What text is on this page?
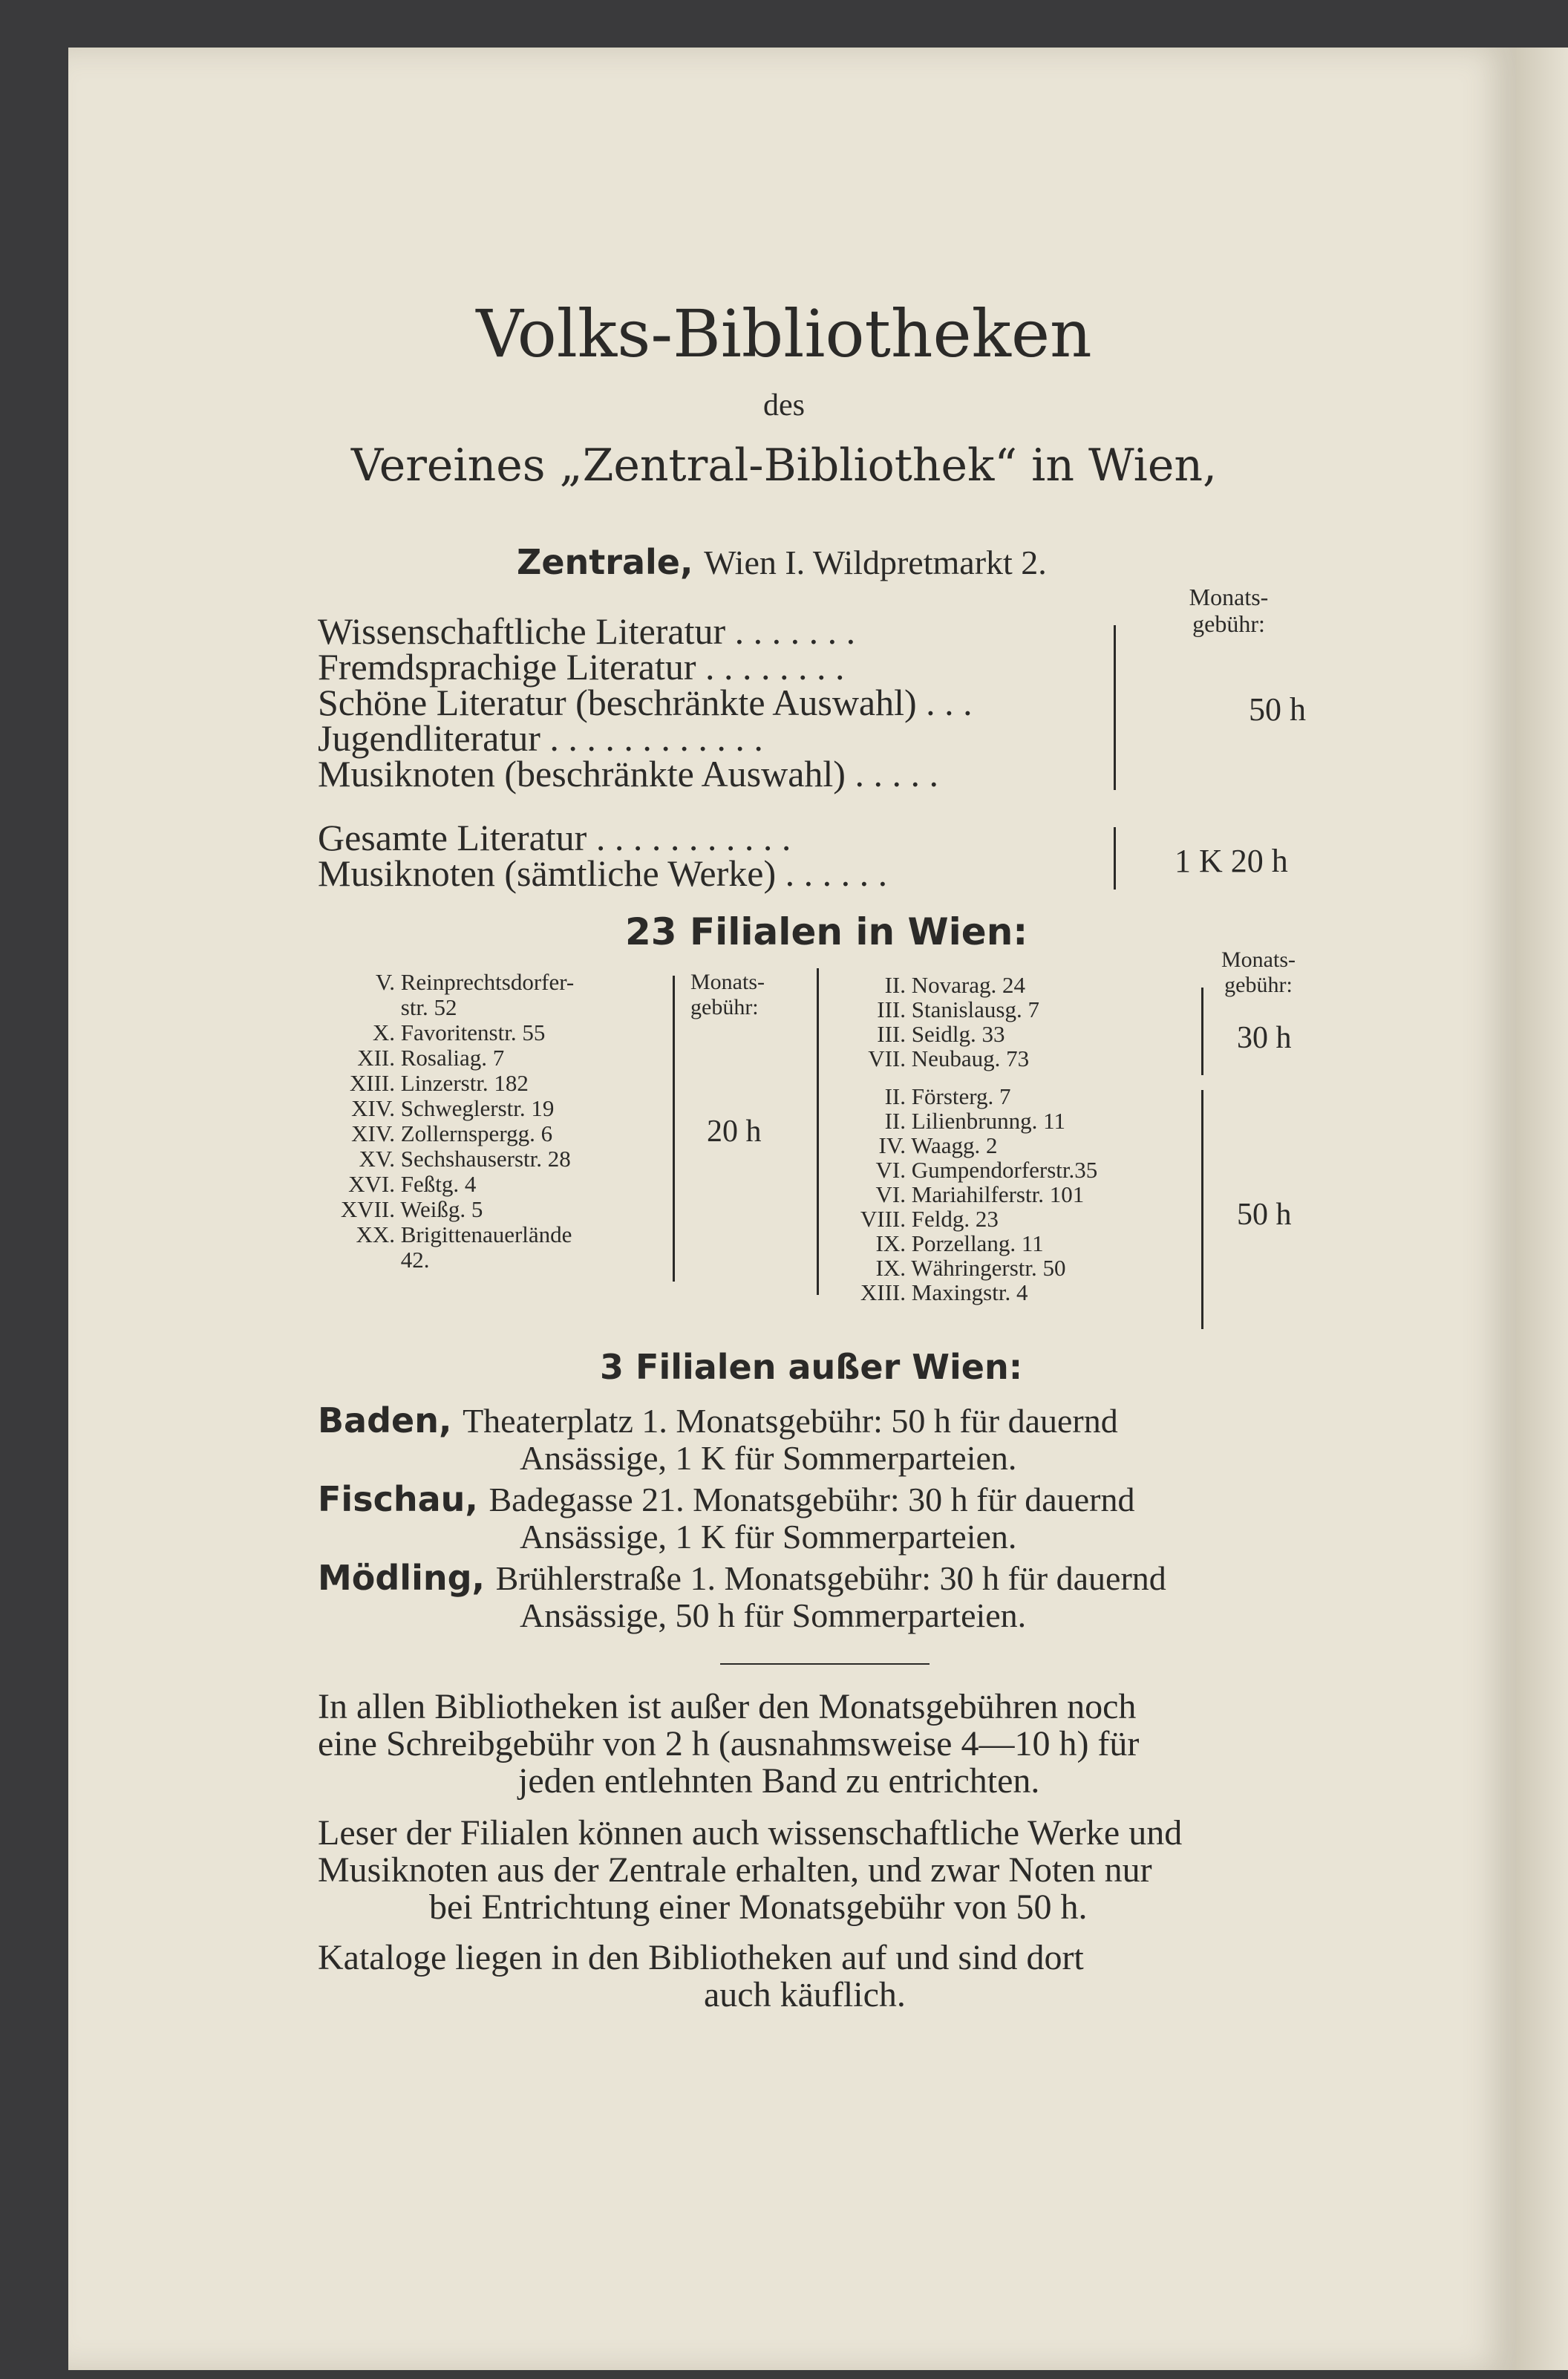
Volks-Bibliotheken
des
Vereines „Zentral-Bibliothek“ in Wien,
Zentrale, Wien I. Wildpretmarkt 2.
Monats-
gebühr:
Wissenschaftliche Literatur . . . . . . .
Fremdsprachige Literatur . . . . . . . .
Schöne Literatur (beschränkte Auswahl) . . .
Jugendliteratur . . . . . . . . . . . .
Musiknoten (beschränkte Auswahl) . . . . .
50 h
Gesamte Literatur . . . . . . . . . . .
Musiknoten (sämtliche Werke) . . . . . .	1 K 20 h
23 Filialen in Wien:
V. Reinprechtsdorfer-
str. 52
X. Favoritenstr. 55
XII. Rosaliag. 7
XIII. Linzerstr. 182
XIV. Schweglerstr. 19
XIV. Zollernspergg. 6
XV. Sechshauserstr. 28
XVI. Feßtg. 4
XVII. Weißg. 5
XX. Brigittenauerlände
42.
Monats-
gebühr:
20 h
II. Novarag. 24
III. Stanislausg. 7
III. Seidlg. 33
VII. Neubaug. 73
II. Försterg. 7
II. Lilienbrunng. 11
IV. Waagg. 2
VI. Gumpendorferstr.35
VI. Mariahilferstr. 101
VIII. Feldg. 23
IX. Porzellang. 11
IX. Währingerstr. 50
XIII. Maxingstr. 4
Monats-
gebühr:
30 h
50 h
3 Filialen außer Wien:
Baden, Theaterplatz 1. Monatsgebühr: 50 h für dauernd
Ansässige, 1 K für Sommerparteien.
Fischau, Badegasse 21. Monatsgebühr: 30 h für dauernd
Ansässige, 1 K für Sommerparteien.
Mödling, Brühlerstraße 1. Monatsgebühr: 30 h für dauernd
Ansässige, 50 h für Sommerparteien.
In allen Bibliotheken ist außer den Monatsgebühren noch
eine Schreibgebühr von 2 h (ausnahmsweise 4—10 h) für
jeden entlehnten Band zu entrichten.
Leser der Filialen können auch wissenschaftliche Werke und
Musiknoten aus der Zentrale erhalten, und zwar Noten nur
bei Entrichtung einer Monatsgebühr von 50 h.
Kataloge liegen in den Bibliotheken auf und sind dort
auch käuflich.
